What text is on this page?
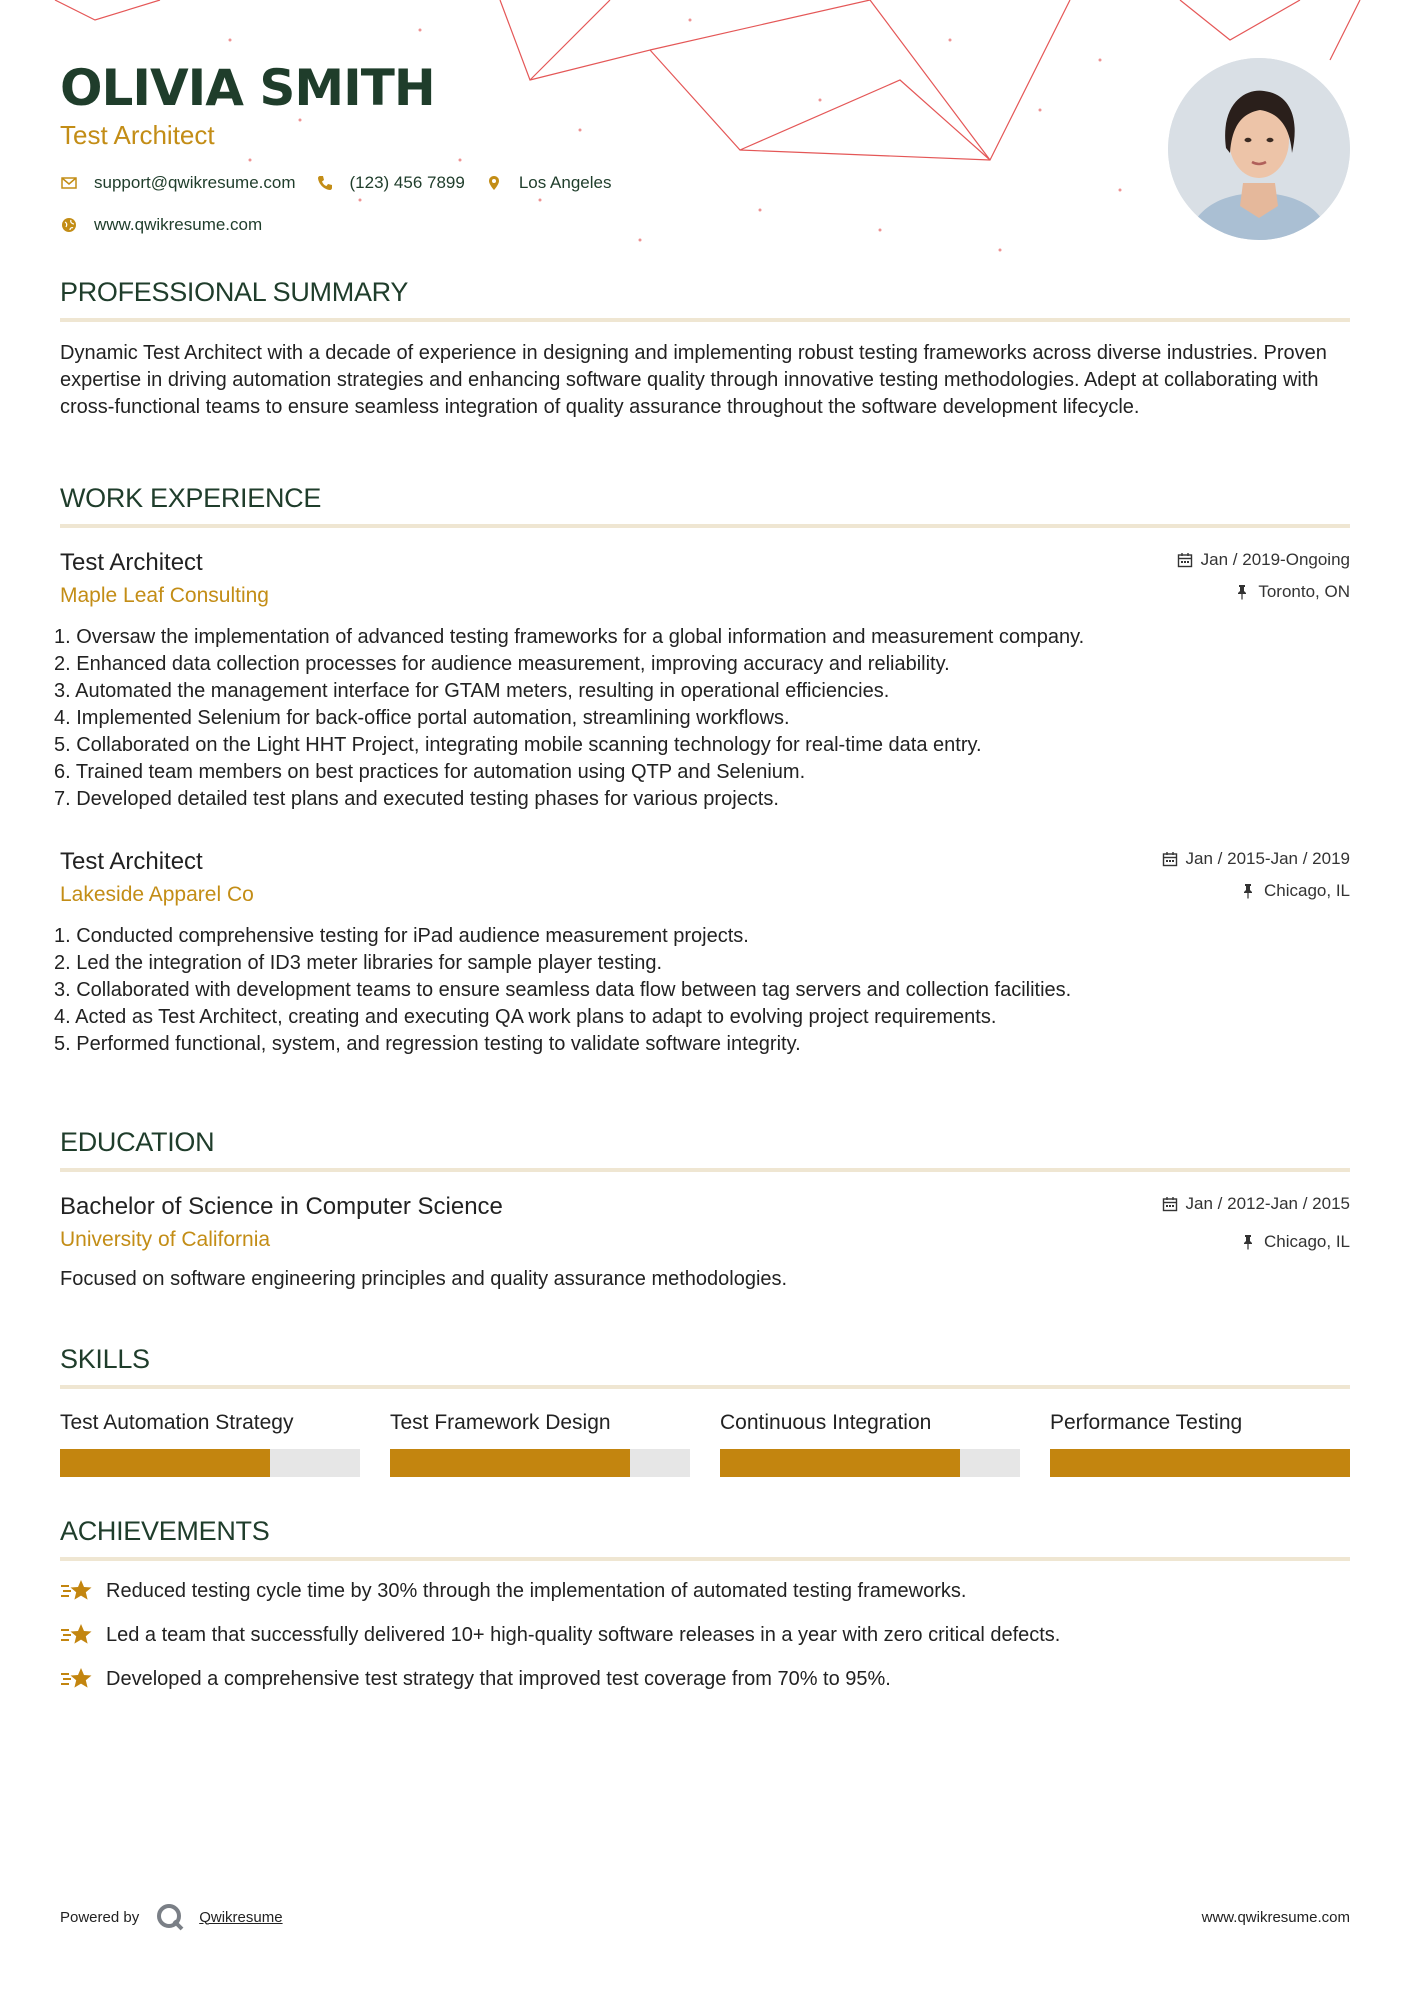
OLIVIA SMITH
Test Architect
support@qwikresume.com	(123) 456 7899	Los Angeles
www.qwikresume.com
PROFESSIONAL SUMMARY
Dynamic Test Architect with a decade of experience in designing and implementing robust testing frameworks across diverse industries. Proven expertise in driving automation strategies and enhancing software quality through innovative testing methodologies. Adept at collaborating with cross-functional teams to ensure seamless integration of quality assurance throughout the software development lifecycle.
WORK EXPERIENCE
Test Architect
Maple Leaf Consulting
Jan / 2019-Ongoing
Toronto, ON
1. Oversaw the implementation of advanced testing frameworks for a global information and measurement company.
2. Enhanced data collection processes for audience measurement, improving accuracy and reliability.
3. Automated the management interface for GTAM meters, resulting in operational efficiencies.
4. Implemented Selenium for back-office portal automation, streamlining workflows.
5. Collaborated on the Light HHT Project, integrating mobile scanning technology for real-time data entry.
6. Trained team members on best practices for automation using QTP and Selenium.
7. Developed detailed test plans and executed testing phases for various projects.
Test Architect
Lakeside Apparel Co
Jan / 2015-Jan / 2019
Chicago, IL
1. Conducted comprehensive testing for iPad audience measurement projects.
2. Led the integration of ID3 meter libraries for sample player testing.
3. Collaborated with development teams to ensure seamless data flow between tag servers and collection facilities.
4. Acted as Test Architect, creating and executing QA work plans to adapt to evolving project requirements.
5. Performed functional, system, and regression testing to validate software integrity.
EDUCATION
Bachelor of Science in Computer Science
University of California
Jan / 2012-Jan / 2015
Chicago, IL
Focused on software engineering principles and quality assurance methodologies.
SKILLS
Test Automation Strategy	Test Framework Design	Continuous Integration	Performance Testing
ACHIEVEMENTS
Reduced testing cycle time by 30% through the implementation of automated testing frameworks.
Led a team that successfully delivered 10+ high-quality software releases in a year with zero critical defects.
Developed a comprehensive test strategy that improved test coverage from 70% to 95%.
Powered by	Qwikresume	www.qwikresume.com
